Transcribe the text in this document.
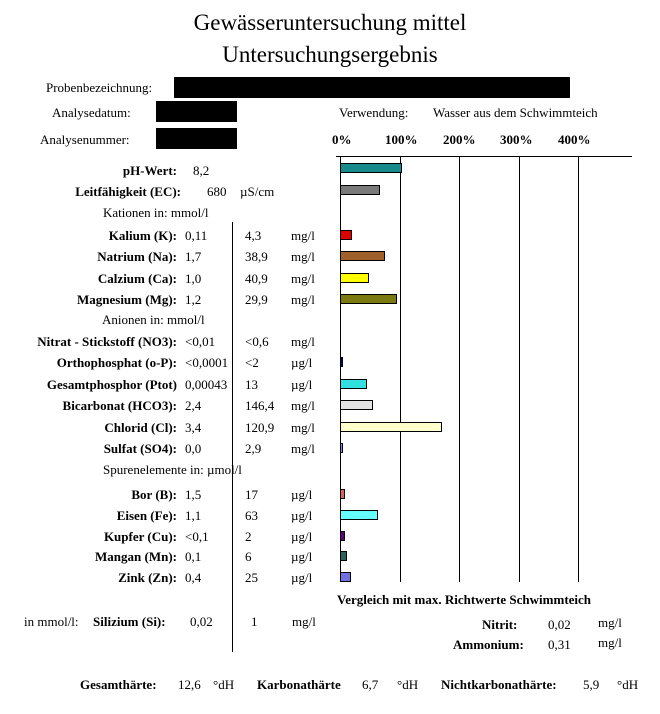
Gewässeruntersuchung mittel
Untersuchungsergebnis
Probenbezeichnung:
Analysedatum:
Analysenummer:
Verwendung: Wasser aus dem Schwimmteich
0%	100% 200% 300% 400%
pH-Wert: 8,2
Leitfähigkeit (EC): 680 µS/cm
Kationen in: mmol/l
Kalium (K): 0,11	4,3 mg/l
Natrium (Na): 1,7	38,9 mg/l
Calzium (Ca): 1,0	40,9 mg/l
Magnesium (Mg): 1,2	29,9 mg/l
Anionen in: mmol/l
Nitrat - Stickstoff (NO3): <0,01 <0,6 mg/l
Orthophosphat (o-P): <0,0001 <2 µg/l
Gesamtphosphor (Ptot) 0,00043 13	µg/l
Bicarbonat (HCO3): 2,4	146,4 mg/l
Chlorid (Cl): 3,4	120,9 mg/l
Sulfat (SO4): 0,0	2,9 mg/l
Spurenelemente in: µmol/l
Bor (B): 1,5	17	µg/l
Eisen (Fe): 1,1	63	µg/l
Kupfer (Cu): <0,1	2	µg/l
Mangan (Mn): 0,1	6	µg/l
Zink (Zn): 0,4	25	µg/l
Vergleich mit max. Richtwerte Schwimmteich
in mmol/l: Silizium (Si): 0,02	1	mg/l	Nitrit: 0,02 mg/l
Ammonium: 0,31 mg/l
Gesamthärte: 12,6 °dH Karbonathärte 6,7 °dH Nichtkarbonathärte: 5,9 °dH
